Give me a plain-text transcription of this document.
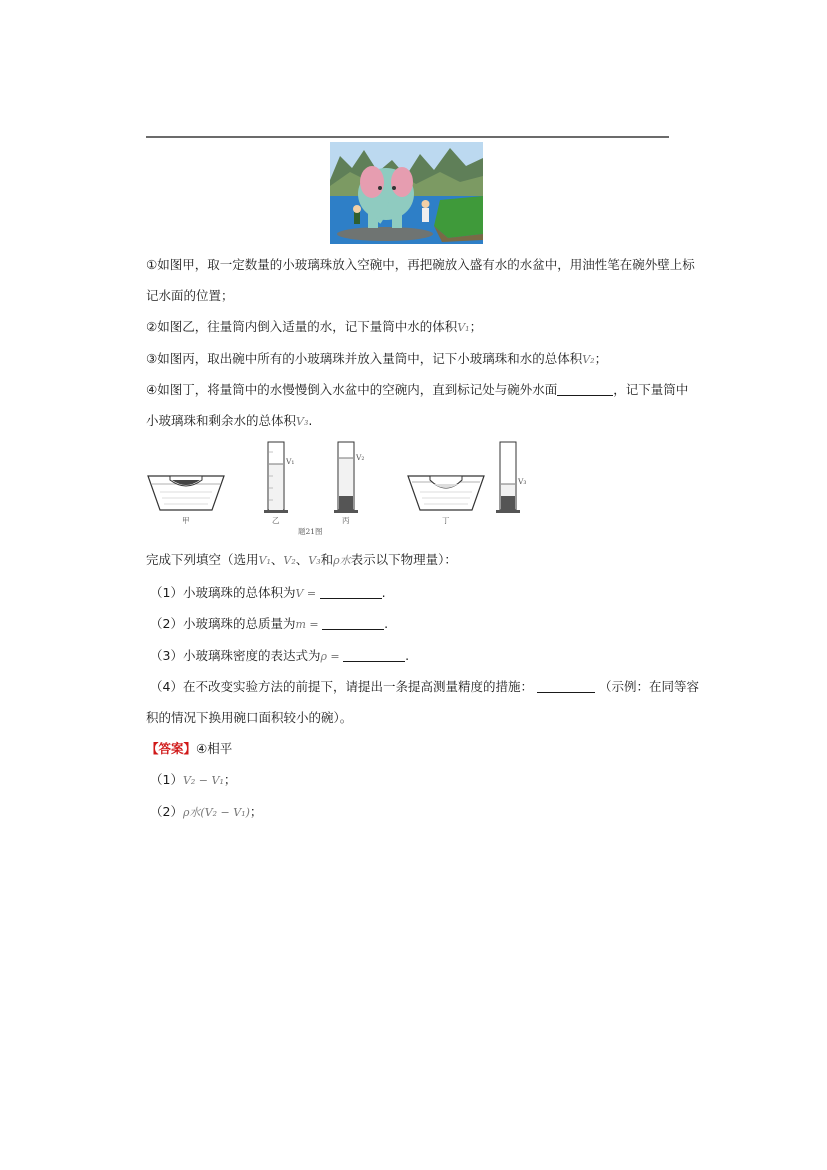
①如图甲，取一定数量的小玻璃珠放入空碗中，再把碗放入盛有水的水盆中，用油性笔在碗外壁上标
记水面的位置；
②如图乙，往量筒内倒入适量的水，记下量筒中水的体积V₁；
③如图丙，取出碗中所有的小玻璃珠并放入量筒中，记下小玻璃珠和水的总体积V₂；
④如图丁，将量筒中的水慢慢倒入水盆中的空碗内，直到标记处与碗外水面	，记下量筒中
小玻璃珠和剩余水的总体积V₃.
V₁	V₂
V₃
甲	乙	丙	丁
题21图
完成下列填空（选用V₁、V₂、V₃和ρ水表示以下物理量）：
（1）小玻璃珠的总体积为V =	.
（2）小玻璃珠的总质量为m =	.
（3）小玻璃珠密度的表达式为ρ =	.
（4）在不改变实验方法的前提下，请提出一条提高测量精度的措施：	（示例：在同等容
积的情况下换用碗口面积较小的碗）。
【答案】④相平
（1）V₂ − V₁；
（2）ρ水(V₂ − V₁)；
